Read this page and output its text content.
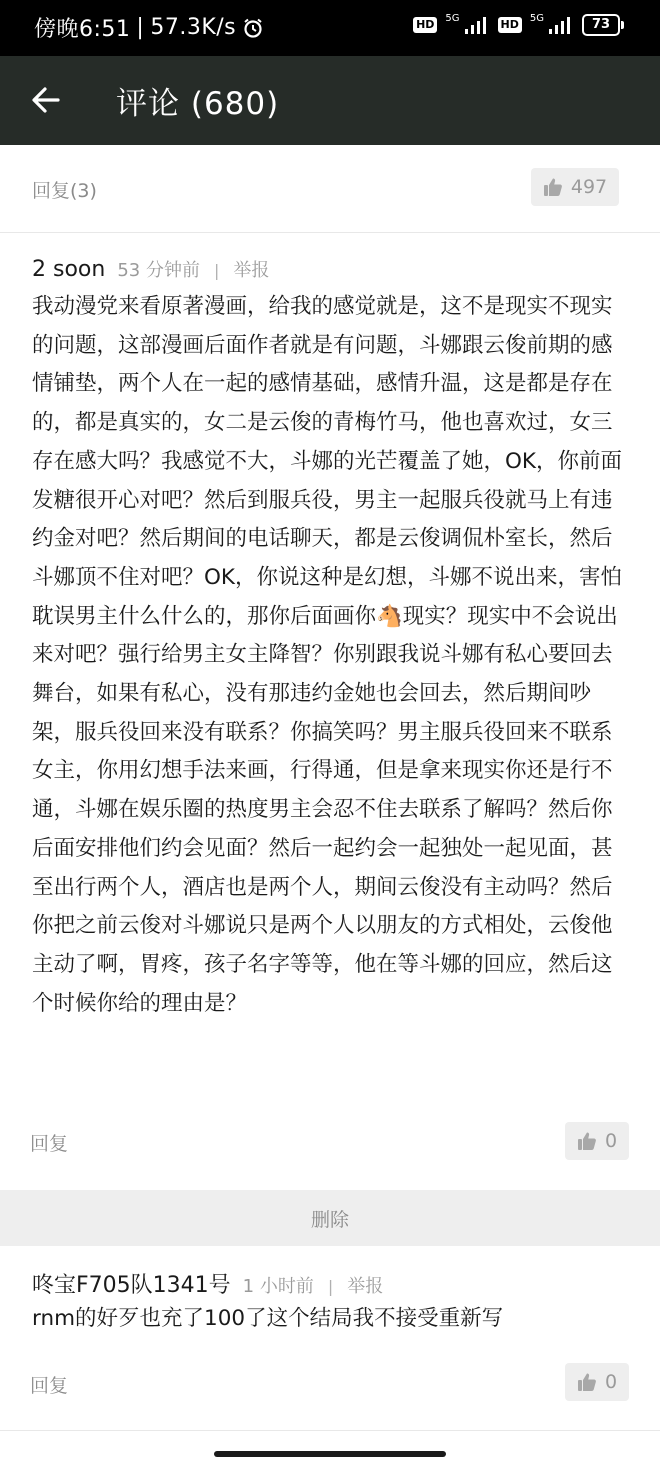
傍晚6:51 | 57.3K/s	HD	5G	HD	5G	73
评论 (680)
回复(3)	497
2 soon 53 分钟前 | 举报

我动漫党来看原著漫画，给我的感觉就是，这不是现实不现实的问题，这部漫画后面作者就是有问题，斗娜跟云俊前期的感情铺垫，两个人在一起的感情基础，感情升温，这是都是存在的，都是真实的，女二是云俊的青梅竹马，他也喜欢过，女三存在感大吗？我感觉不大，斗娜的光芒覆盖了她，OK，你前面发糖很开心对吧？然后到服兵役，男主一起服兵役就马上有违约金对吧？然后期间的电话聊天，都是云俊调侃朴室长，然后斗娜顶不住对吧？OK，你说这种是幻想，斗娜不说出来，害怕耽误男主什么什么的，那你后面画你🐴现实？现实中不会说出来对吧？强行给男主女主降智？你别跟我说斗娜有私心要回去舞台，如果有私心，没有那违约金她也会回去，然后期间吵架，服兵役回来没有联系？你搞笑吗？男主服兵役回来不联系女主，你用幻想手法来画，行得通，但是拿来现实你还是行不通，斗娜在娱乐圈的热度男主会忍不住去联系了解吗？然后你后面安排他们约会见面？然后一起约会一起独处一起见面，甚至出行两个人，酒店也是两个人，期间云俊没有主动吗？然后你把之前云俊对斗娜说只是两个人以朋友的方式相处，云俊他主动了啊，胃疼，孩子名字等等，他在等斗娜的回应，然后这个时候你给的理由是？

回复	0
删除
咚宝F705队1341号 1 小时前 | 举报

rnm的好歹也充了100了这个结局我不接受重新写

回复	0
